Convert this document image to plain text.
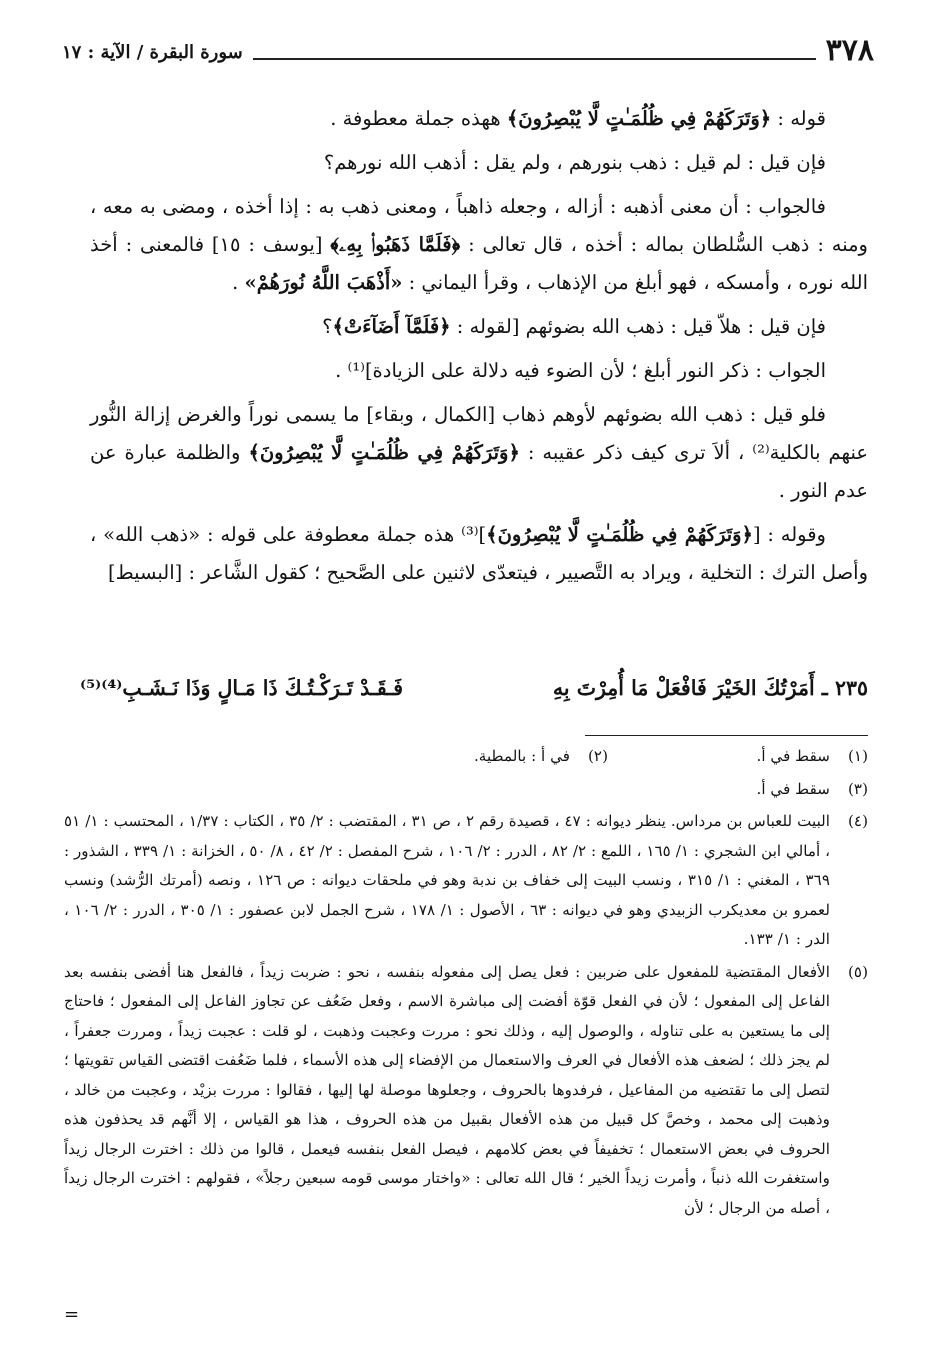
٣٧٨
سورة البقرة / الآية : ١٧

قوله : ﴿وَتَرَكَهُمْ فِي ظُلُمَـٰتٍ لَّا يُبْصِرُونَ﴾ ههذه جملة معطوفة .

فإن قيل : لم قيل : ذهب بنورهم ، ولم يقل : أذهب الله نورهم؟

فالجواب : أن معنى أذهبه : أزاله ، وجعله ذاهباً ، ومعنى ذهب به : إذا أخذه ، ومضى به معه ، ومنه : ذهب السُّلطان بماله : أخذه ، قال تعالى : ﴿فَلَمَّا ذَهَبُوا۟ بِهِۦ﴾ [يوسف : ١٥] فالمعنى : أخذ الله نوره ، وأمسكه ، فهو أبلغ من الإذهاب ، وقرأ اليماني : «أَذْهَبَ اللَّهُ نُورَهُمْ» .

فإن قيل : هلاّ قيل : ذهب الله بضوئهم [لقوله : ﴿فَلَمَّآ أَضَآءَتْ﴾؟

الجواب : ذكر النور أبلغ ؛ لأن الضوء فيه دلالة على الزيادة]⁽¹⁾ .

فلو قيل : ذهب الله بضوئهم لأوهم ذهاب [الكمال ، وبقاء] ما يسمى نوراً والغرض إزالة النُّور عنهم بالكلية⁽²⁾ ، ألاَ ترى كيف ذكر عقيبه : ﴿وَتَرَكَهُمْ فِي ظُلُمَـٰتٍ لَّا يُبْصِرُونَ﴾ والظلمة عبارة عن عدم النور .

وقوله : [﴿وَتَرَكَهُمْ فِي ظُلُمَـٰتٍ لَّا يُبْصِرُونَ﴾]⁽³⁾ هذه جملة معطوفة على قوله : «ذهب الله» ، وأصل الترك : التخلية ، ويراد به التَّصيير ، فيتعدّى لاثنين على الصَّحيح ؛ كقول الشَّاعر : [البسيط]

٢٣٥ ـ أَمَرْتُكَ الخَيْرَ فَافْعَلْ مَا أُمِرْتَ بِهِ
فَـقَـدْ تَـرَكْـتُـكَ ذَا مَـالٍ وَذَا نَـشَـبِ⁽⁴⁾⁽⁵⁾
(١)
سقط في أ.
(٢)
في أ : بالمطية.
(٣)
سقط في أ.
(٤)
البيت للعباس بن مرداس. ينظر ديوانه : ٤٧ ، قصيدة رقم ٢ ، ص ٣١ ، المقتضب : ٢/ ٣٥ ، الكتاب : ١/٣٧ ، المحتسب : ١/ ٥١ ، أمالي ابن الشجري : ١/ ١٦٥ ، اللمع : ٢/ ٨٢ ، الدرر : ٢/ ١٠٦ ، شرح المفصل : ٢/ ٤٢ ، ٨/ ٥٠ ، الخزانة : ١/ ٣٣٩ ، الشذور : ٣٦٩ ، المغني : ١/ ٣١٥ ، ونسب البيت إلى خفاف بن ندبة وهو في ملحقات ديوانه : ص ١٢٦ ، ونصه (أمرتك الرُّشد) ونسب لعمرو بن معديكرب الزبيدي وهو في ديوانه : ٦٣ ، الأصول : ١/ ١٧٨ ، شرح الجمل لابن عصفور : ١/ ٣٠٥ ، الدرر : ٢/ ١٠٦ ، الدر : ١/ ١٣٣.
(٥)
الأفعال المقتضية للمفعول على ضربين : فعل يصل إلى مفعوله بنفسه ، نحو : ضربت زيداً ، فالفعل هنا أفضى بنفسه بعد الفاعل إلى المفعول ؛ لأن في الفعل قوّة أفضت إلى مباشرة الاسم ، وفعل ضَعُف عن تجاوز الفاعل إلى المفعول ؛ فاحتاج إلى ما يستعين به على تناوله ، والوصول إليه ، وذلك نحو : مررت وعجبت وذهبت ، لو قلت : عجبت زيداً ، ومررت جعفراً ، لم يجز ذلك ؛ لضعف هذه الأفعال في العرف والاستعمال من الإفضاء إلى هذه الأسماء ، فلما ضَعُفت اقتضى القياس تقويتها ؛ لتصل إلى ما تقتضيه من المفاعيل ، فرفدوها بالحروف ، وجعلوها موصلة لها إليها ، فقالوا : مررت بزيْد ، وعجبت من خالد ، وذهبت إلى محمد ، وخصَّ كل قبيل من هذه الأفعال بقبيل من هذه الحروف ، هذا هو القياس ، إلا أنَّهم قد يحذفون هذه الحروف في بعض الاستعمال ؛ تخفيفاً في بعض كلامهم ، فيصل الفعل بنفسه فيعمل ، قالوا من ذلك : اخترت الرجال زيداً واستغفرت الله ذنباً ، وأمرت زيداً الخير ؛ قال الله تعالى : «واختار موسى قومه سبعين رجلاً» ، فقولهم : اخترت الرجال زيداً ، أصله من الرجال ؛ لأن
=
